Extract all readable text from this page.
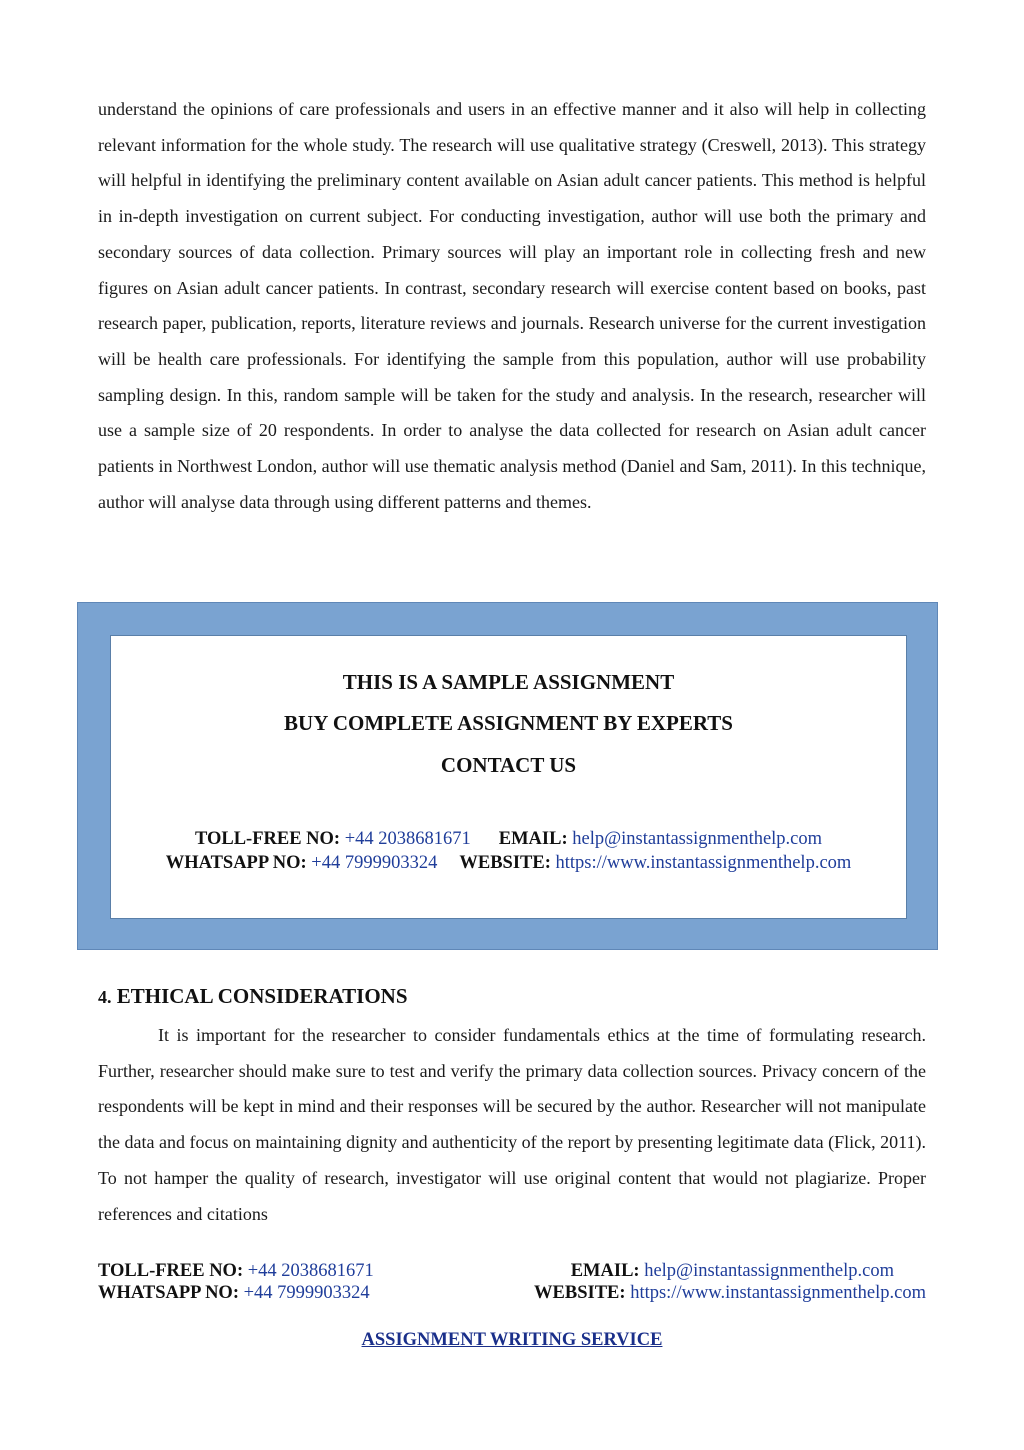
understand the opinions of care professionals and users in an effective manner and it also will help in collecting relevant information for the whole study. The research will use qualitative strategy (Creswell, 2013). This strategy will helpful in identifying the preliminary content available on Asian adult cancer patients. This method is helpful in in-depth investigation on current subject. For conducting investigation, author will use both the primary and secondary sources of data collection. Primary sources will play an important role in collecting fresh and new figures on Asian adult cancer patients. In contrast, secondary research will exercise content based on books, past research paper, publication, reports, literature reviews and journals. Research universe for the current investigation will be health care professionals. For identifying the sample from this population, author will use probability sampling design. In this, random sample will be taken for the study and analysis. In the research, researcher will use a sample size of 20 respondents. In order to analyse the data collected for research on Asian adult cancer patients in Northwest London, author will use thematic analysis method (Daniel and Sam, 2011). In this technique, author will analyse data through using different patterns and themes.

THIS IS A SAMPLE ASSIGNMENT
BUY COMPLETE ASSIGNMENT BY EXPERTS
CONTACT US
TOLL-FREE NO: +44 2038681671 EMAIL: help@instantassignmenthelp.com
WHATSAPP NO: +44 7999903324 WEBSITE: https://www.instantassignmenthelp.com
4. ETHICAL CONSIDERATIONS

It is important for the researcher to consider fundamentals ethics at the time of formulating research. Further, researcher should make sure to test and verify the primary data collection sources. Privacy concern of the respondents will be kept in mind and their responses will be secured by the author. Researcher will not manipulate the data and focus on maintaining dignity and authenticity of the report by presenting legitimate data (Flick, 2011). To not hamper the quality of research, investigator will use original content that would not plagiarize. Proper references and citations

TOLL-FREE NO: +44 2038681671	EMAIL: help@instantassignmenthelp.com
WHATSAPP NO: +44 7999903324	WEBSITE: https://www.instantassignmenthelp.com
ASSIGNMENT WRITING SERVICE
